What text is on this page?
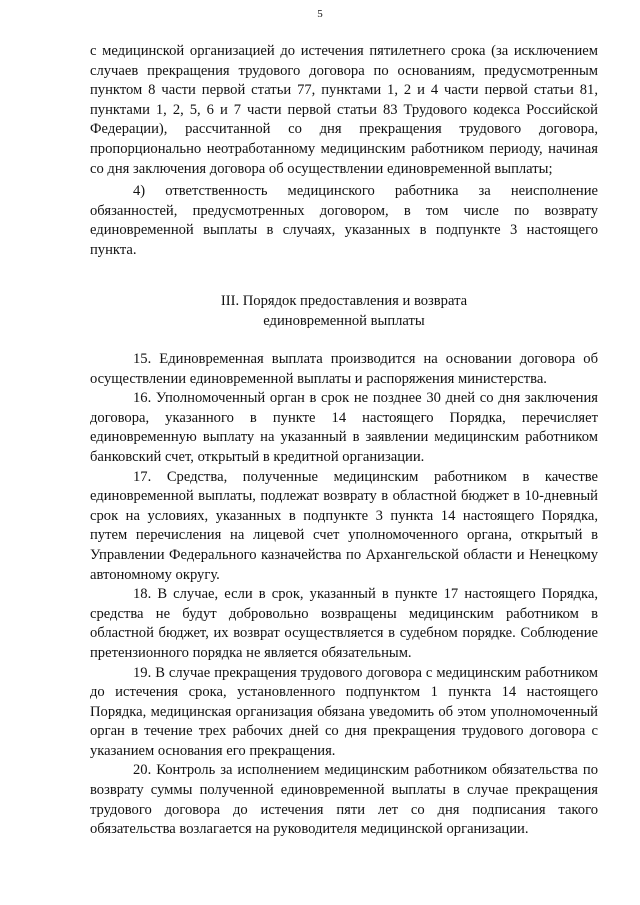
5

с медицинской организацией до истечения пятилетнего срока (за исключением случаев прекращения трудового договора по основаниям, предусмотренным пунктом 8 части первой статьи 77, пунктами 1, 2 и 4 части первой статьи 81, пунктами 1, 2, 5, 6 и 7 части первой статьи 83 Трудового кодекса Российской Федерации), рассчитанной со дня прекращения трудового договора, пропорционально неотработанному медицинским работником периоду, начиная со дня заключения договора об осуществлении единовременной выплаты;

4) ответственность медицинского работника за неисполнение обязанностей, предусмотренных договором, в том числе по возврату единовременной выплаты в случаях, указанных в подпункте 3 настоящего пункта.

III. Порядок предоставления и возврата
единовременной выплаты

15. Единовременная выплата производится на основании договора об осуществлении единовременной выплаты и распоряжения министерства.

16. Уполномоченный орган в срок не позднее 30 дней со дня заключения договора, указанного в пункте 14 настоящего Порядка, перечисляет единовременную выплату на указанный в заявлении медицинским работником банковский счет, открытый в кредитной организации.

17. Средства, полученные медицинским работником в качестве единовременной выплаты, подлежат возврату в областной бюджет в 10-дневный срок на условиях, указанных в подпункте 3 пункта 14 настоящего Порядка, путем перечисления на лицевой счет уполномоченного органа, открытый в Управлении Федерального казначейства по Архангельской области и Ненецкому автономному округу.

18. В случае, если в срок, указанный в пункте 17 настоящего Порядка, средства не будут добровольно возвращены медицинским работником в областной бюджет, их возврат осуществляется в судебном порядке. Соблюдение претензионного порядка не является обязательным.

19. В случае прекращения трудового договора с медицинским работником до истечения срока, установленного подпунктом 1 пункта 14 настоящего Порядка, медицинская организация обязана уведомить об этом уполномоченный орган в течение трех рабочих дней со дня прекращения трудового договора с указанием основания его прекращения.

20. Контроль за исполнением медицинским работником обязательства по возврату суммы полученной единовременной выплаты в случае прекращения трудового договора до истечения пяти лет со дня подписания такого обязательства возлагается на руководителя медицинской организации.
